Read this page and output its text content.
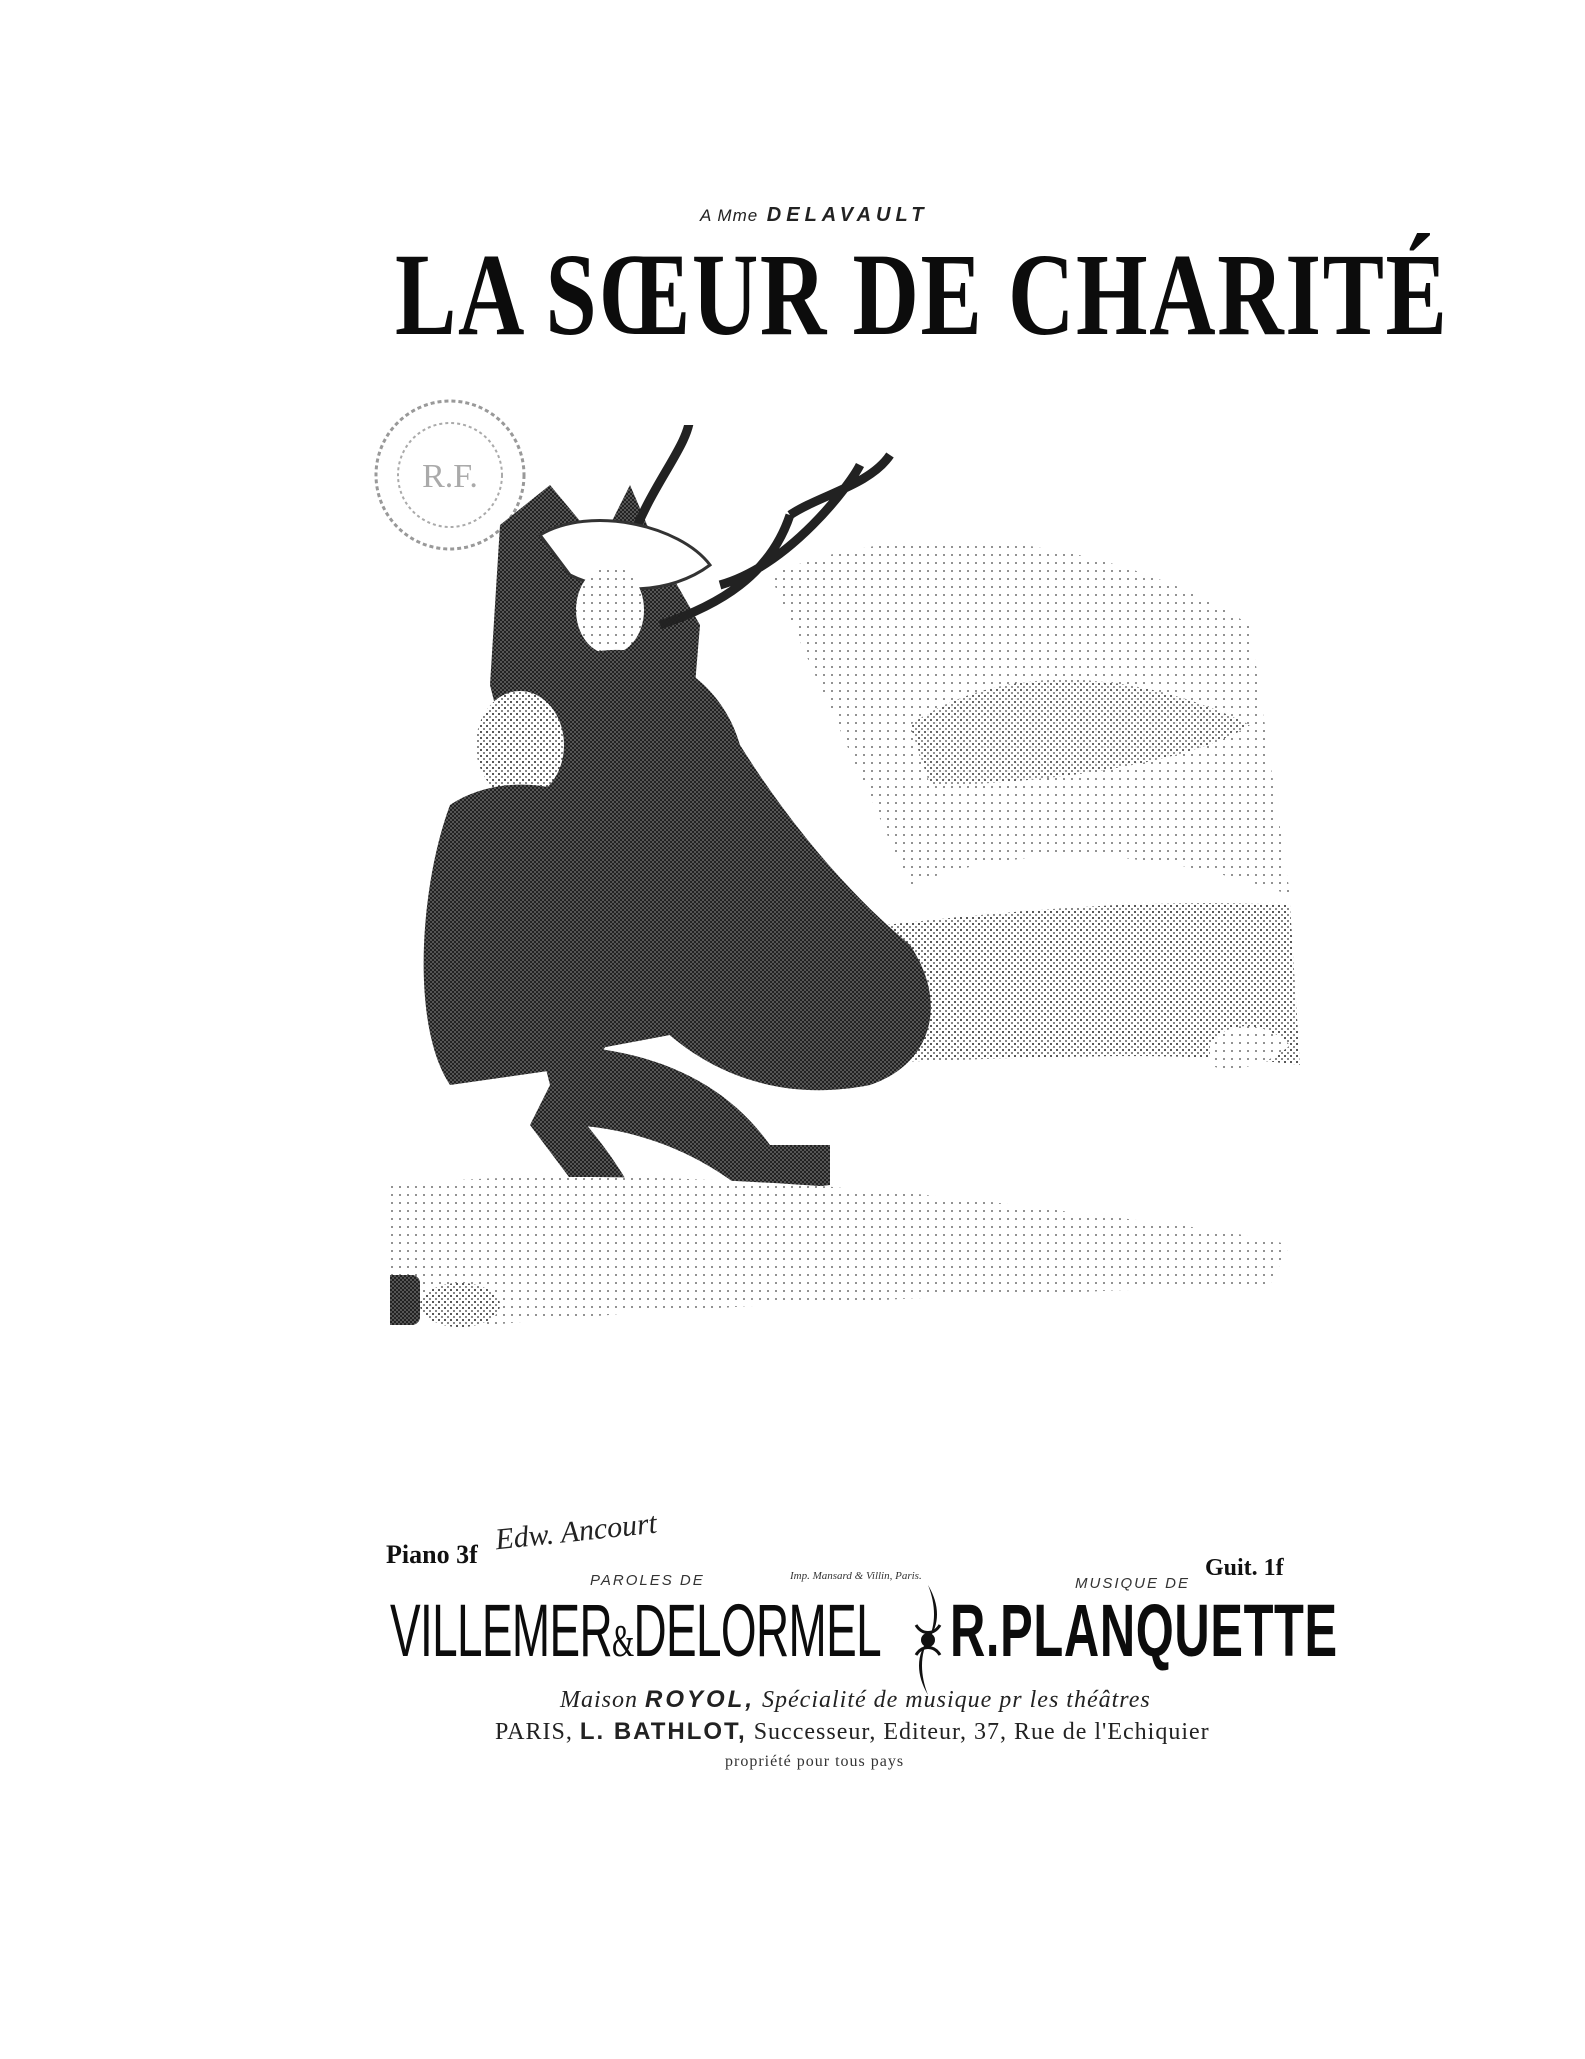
A Mme DELAVAULT
LA SŒUR DE CHARITÉ
R.F.
Edw. Ancourt
Piano 3f	Guit. 1f
PAROLES DE	Imp. Mansard & Villin, Paris.	MUSIQUE DE
VILLEMER&DELORMEL R.PLANQUETTE
Maison ROYOL, Spécialité de musique pr les théâtres
PARIS, L. BATHLOT, Successeur, Editeur, 37, Rue de l'Echiquier
propriété pour tous pays
